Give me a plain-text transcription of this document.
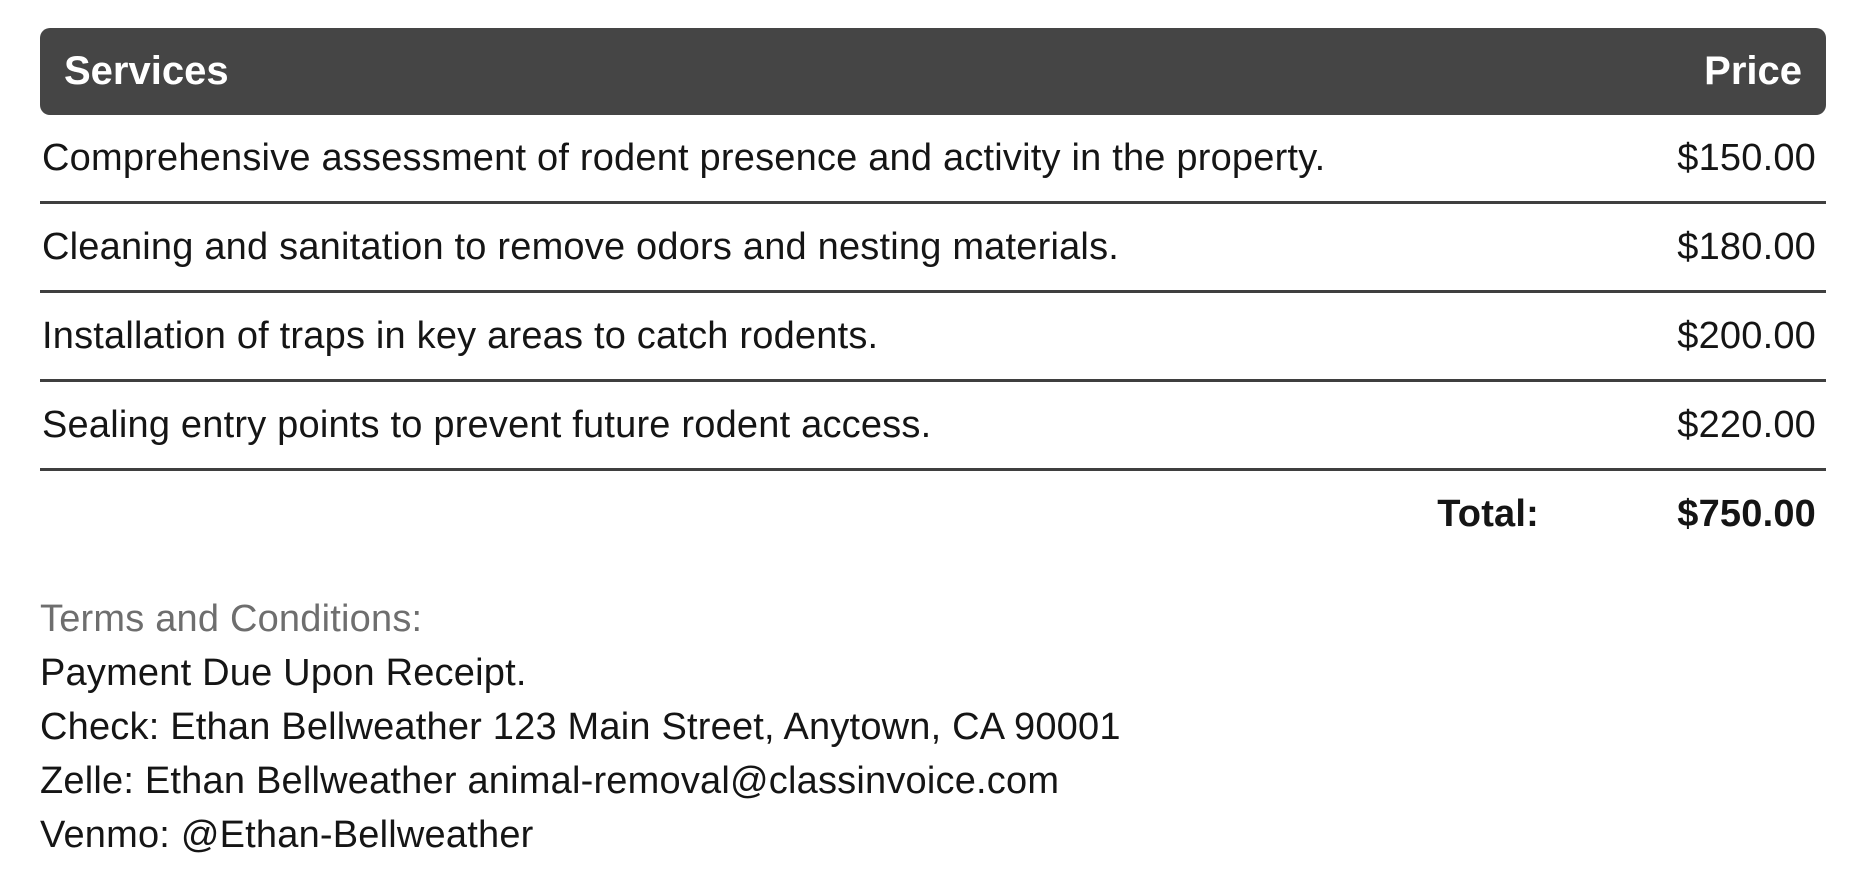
Services	Price
Comprehensive assessment of rodent presence and activity in the property.	$150.00
Cleaning and sanitation to remove odors and nesting materials.	$180.00
Installation of traps in key areas to catch rodents.	$200.00
Sealing entry points to prevent future rodent access.	$220.00
Total:	$750.00
Terms and Conditions:
Payment Due Upon Receipt.
Check: Ethan Bellweather 123 Main Street, Anytown, CA 90001
Zelle: Ethan Bellweather animal-removal@classinvoice.com
Venmo: @Ethan-Bellweather
